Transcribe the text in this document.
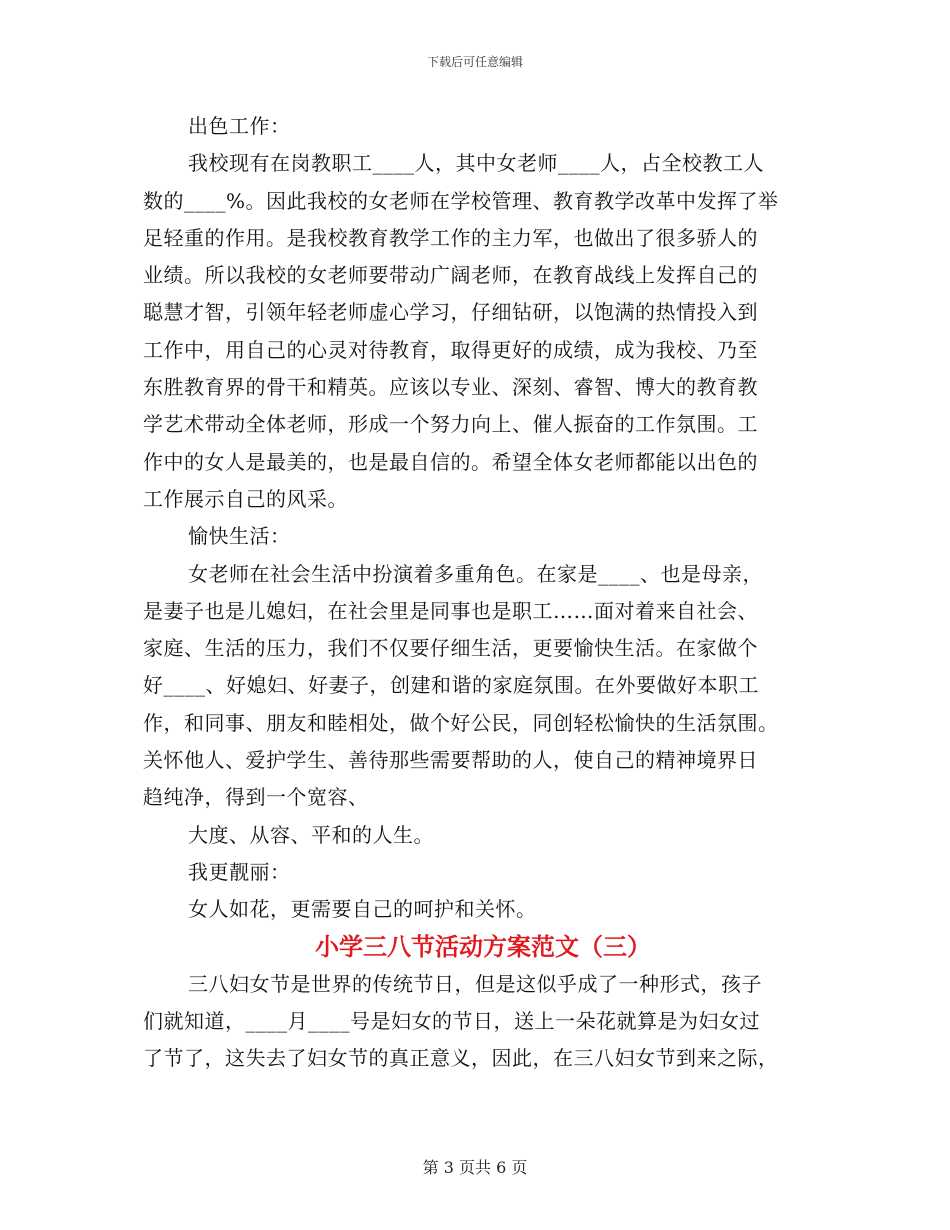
下载后可任意编辑
出色工作：
我校现有在岗教职工____人，其中女老师____人，占全校教工人
数的____%。因此我校的女老师在学校管理、教育教学改革中发挥了举
足轻重的作用。是我校教育教学工作的主力军，也做出了很多骄人的
业绩。所以我校的女老师要带动广阔老师，在教育战线上发挥自己的
聪慧才智，引领年轻老师虚心学习，仔细钻研，以饱满的热情投入到
工作中，用自己的心灵对待教育，取得更好的成绩，成为我校、乃至
东胜教育界的骨干和精英。应该以专业、深刻、睿智、博大的教育教
学艺术带动全体老师，形成一个努力向上、催人振奋的工作氛围。工
作中的女人是最美的，也是最自信的。希望全体女老师都能以出色的
工作展示自己的风采。
愉快生活：
女老师在社会生活中扮演着多重角色。在家是____、也是母亲，
是妻子也是儿媳妇，在社会里是同事也是职工……面对着来自社会、
家庭、生活的压力，我们不仅要仔细生活，更要愉快生活。在家做个
好____、好媳妇、好妻子，创建和谐的家庭氛围。在外要做好本职工
作，和同事、朋友和睦相处，做个好公民，同创轻松愉快的生活氛围。
关怀他人、爱护学生、善待那些需要帮助的人，使自己的精神境界日
趋纯净，得到一个宽容、
大度、从容、平和的人生。
我更靓丽：
女人如花，更需要自己的呵护和关怀。
小学三八节活动方案范文（三）
三八妇女节是世界的传统节日，但是这似乎成了一种形式，孩子
们就知道，____月____号是妇女的节日，送上一朵花就算是为妇女过
了节了，这失去了妇女节的真正意义，因此，在三八妇女节到来之际，
第 3 页共 6 页
